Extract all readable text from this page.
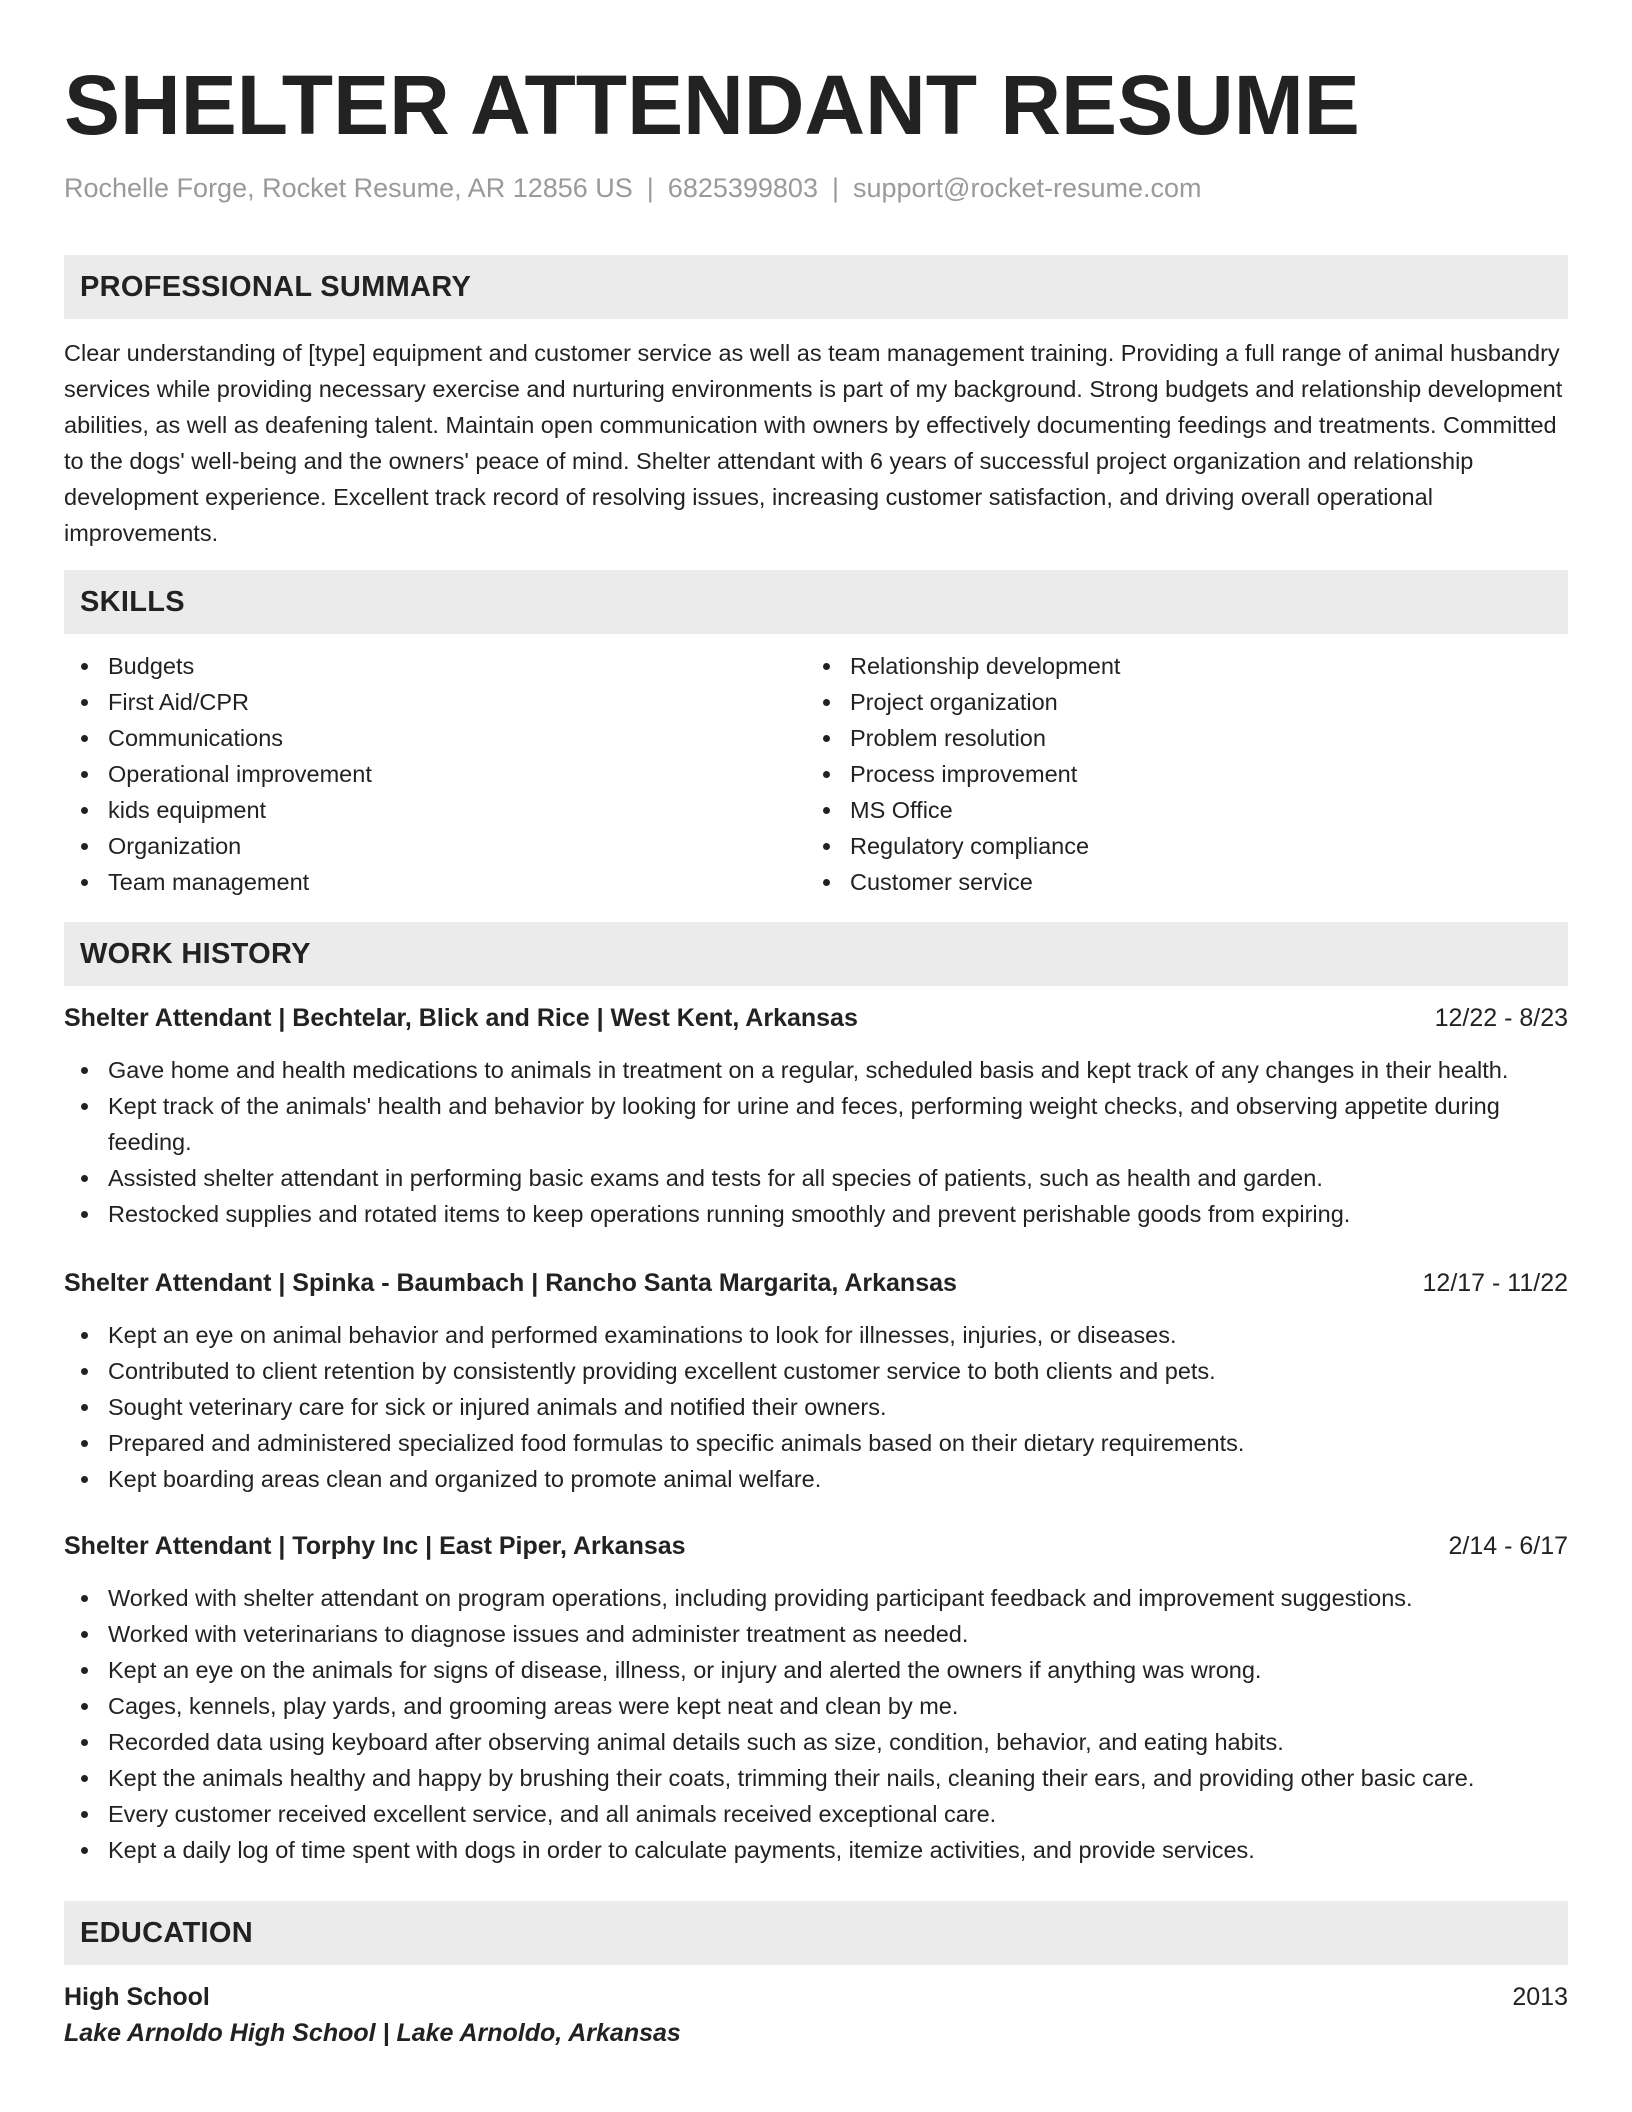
SHELTER ATTENDANT RESUME
Rochelle Forge, Rocket Resume, AR 12856 US | 6825399803 | support@rocket-resume.com
PROFESSIONAL SUMMARY

Clear understanding of [type] equipment and customer service as well as team management training. Providing a full range of animal husbandry services while providing necessary exercise and nurturing environments is part of my background. Strong budgets and relationship development abilities, as well as deafening talent. Maintain open communication with owners by effectively documenting feedings and treatments. Committed to the dogs' well-being and the owners' peace of mind. Shelter attendant with 6 years of successful project organization and relationship development experience. Excellent track record of resolving issues, increasing customer satisfaction, and driving overall operational improvements.

SKILLS
Budgets
First Aid/CPR
Communications
Operational improvement
kids equipment
Organization
Team management
Relationship development
Project organization
Problem resolution
Process improvement
MS Office
Regulatory compliance
Customer service
WORK HISTORY
Shelter Attendant | Bechtelar, Blick and Rice | West Kent, Arkansas	12/22 - 8/23
Gave home and health medications to animals in treatment on a regular, scheduled basis and kept track of any changes in their health.
Kept track of the animals' health and behavior by looking for urine and feces, performing weight checks, and observing appetite during feeding.
Assisted shelter attendant in performing basic exams and tests for all species of patients, such as health and garden.
Restocked supplies and rotated items to keep operations running smoothly and prevent perishable goods from expiring.
Shelter Attendant | Spinka - Baumbach | Rancho Santa Margarita, Arkansas	12/17 - 11/22
Kept an eye on animal behavior and performed examinations to look for illnesses, injuries, or diseases.
Contributed to client retention by consistently providing excellent customer service to both clients and pets.
Sought veterinary care for sick or injured animals and notified their owners.
Prepared and administered specialized food formulas to specific animals based on their dietary requirements.
Kept boarding areas clean and organized to promote animal welfare.
Shelter Attendant | Torphy Inc | East Piper, Arkansas	2/14 - 6/17
Worked with shelter attendant on program operations, including providing participant feedback and improvement suggestions.
Worked with veterinarians to diagnose issues and administer treatment as needed.
Kept an eye on the animals for signs of disease, illness, or injury and alerted the owners if anything was wrong.
Cages, kennels, play yards, and grooming areas were kept neat and clean by me.
Recorded data using keyboard after observing animal details such as size, condition, behavior, and eating habits.
Kept the animals healthy and happy by brushing their coats, trimming their nails, cleaning their ears, and providing other basic care.
Every customer received excellent service, and all animals received exceptional care.
Kept a daily log of time spent with dogs in order to calculate payments, itemize activities, and provide services.
EDUCATION
High School	2013
Lake Arnoldo High School | Lake Arnoldo, Arkansas
